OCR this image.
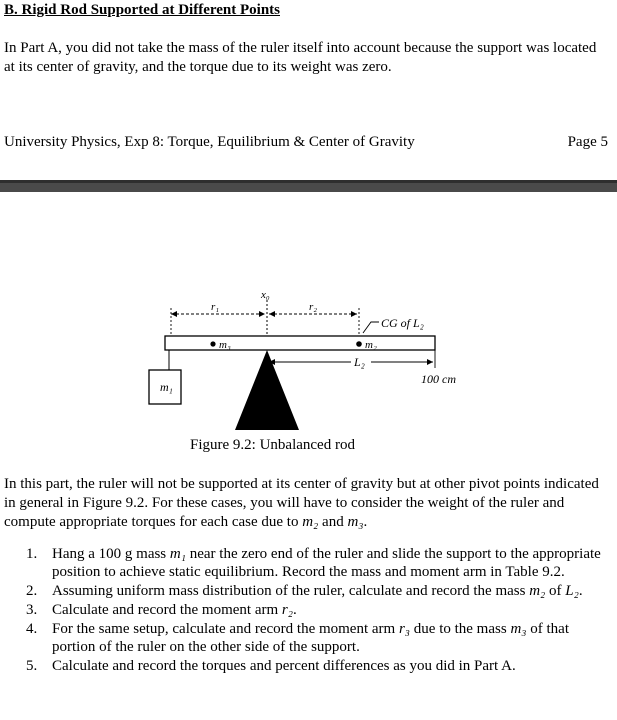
B. Rigid Rod Supported at Different Points
In Part A, you did not take the mass of the ruler itself into account because the support was located at its center of gravity, and the torque due to its weight was zero.
University Physics, Exp 8: Torque, Equilibrium & Center of Gravity	Page 5
m₁
x₀
r₁	r₂
CG of L₂
m₃	m₂
L₂
100 cm
Figure 9.2: Unbalanced rod
In this part, the ruler will not be supported at its center of gravity but at other pivot points indicated in general in Figure 9.2. For these cases, you will have to consider the weight of the ruler and compute appropriate torques for each case due to m₂ and m₃.
1. Hang a 100 g mass m₁ near the zero end of the ruler and slide the support to the appropriate position to achieve static equilibrium. Record the mass and moment arm in Table 9.2.
2. Assuming uniform mass distribution of the ruler, calculate and record the mass m₂ of L₂.
3. Calculate and record the moment arm r₂.
4. For the same setup, calculate and record the moment arm r₃ due to the mass m₃ of that portion of the ruler on the other side of the support.
5. Calculate and record the torques and percent differences as you did in Part A.
